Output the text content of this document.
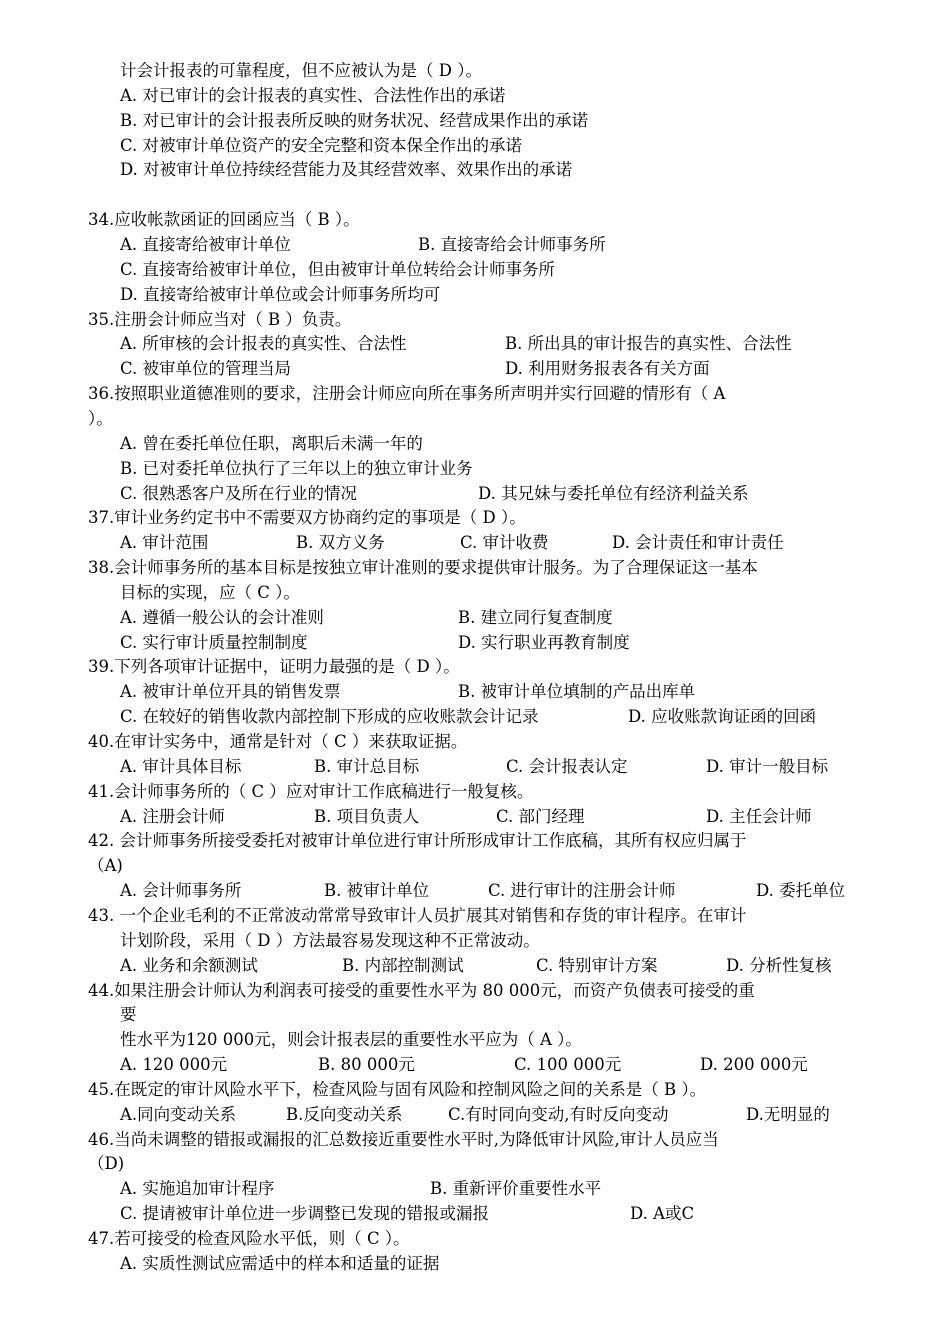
计会计报表的可靠程度，但不应被认为是（ D ）。
A. 对已审计的会计报表的真实性、合法性作出的承诺
B. 对已审计的会计报表所反映的财务状况、经营成果作出的承诺
C. 对被审计单位资产的安全完整和资本保全作出的承诺
D. 对被审计单位持续经营能力及其经营效率、效果作出的承诺
34.应收帐款函证的回函应当（ B ）。
A. 直接寄给被审计单位	B. 直接寄给会计师事务所
C. 直接寄给被审计单位，但由被审计单位转给会计师事务所
D. 直接寄给被审计单位或会计师事务所均可
35.注册会计师应当对（ B ）负责。
A. 所审核的会计报表的真实性、合法性	B. 所出具的审计报告的真实性、合法性
C. 被审单位的管理当局	D. 利用财务报表各有关方面
36.按照职业道德准则的要求，注册会计师应向所在事务所声明并实行回避的情形有（ A
）。
A. 曾在委托单位任职，离职后未满一年的
B. 已对委托单位执行了三年以上的独立审计业务
C. 很熟悉客户及所在行业的情况	D. 其兄妹与委托单位有经济利益关系
37.审计业务约定书中不需要双方协商约定的事项是（ D ）。
A. 审计范围	B. 双方义务	C. 审计收费	D. 会计责任和审计责任
38.会计师事务所的基本目标是按独立审计准则的要求提供审计服务。为了合理保证这一基本
目标的实现，应（ C ）。
A. 遵循一般公认的会计准则	B. 建立同行复查制度
C. 实行审计质量控制制度	D. 实行职业再教育制度
39.下列各项审计证据中，证明力最强的是（ D ）。
A. 被审计单位开具的销售发票	B. 被审计单位填制的产品出库单
C. 在较好的销售收款内部控制下形成的应收账款会计记录	D. 应收账款询证函的回函
40.在审计实务中，通常是针对（ C ）来获取证据。
A. 审计具体目标	B. 审计总目标	C. 会计报表认定	D. 审计一般目标
41.会计师事务所的（ C ）应对审计工作底稿进行一般复核。
A. 注册会计师	B. 项目负责人	C. 部门经理	D. 主任会计师
42. 会计师事务所接受委托对被审计单位进行审计所形成审计工作底稿，其所有权应归属于
（A)
A. 会计师事务所	B. 被审计单位	C. 进行审计的注册会计师	D. 委托单位
43. 一个企业毛利的不正常波动常常导致审计人员扩展其对销售和存货的审计程序。在审计
计划阶段，采用（ D ）方法最容易发现这种不正常波动。
A. 业务和余额测试	B. 内部控制测试	C. 特别审计方案	D. 分析性复核
44.如果注册会计师认为利润表可接受的重要性水平为 80 000元，而资产负债表可接受的重
要
性水平为120 000元，则会计报表层的重要性水平应为（ A ）。
A. 120 000元	B. 80 000元	C. 100 000元	D. 200 000元
45.在既定的审计风险水平下，检查风险与固有风险和控制风险之间的关系是（ B ）。
A.同向变动关系	B.反向变动关系	C.有时同向变动,有时反向变动	D.无明显的
46.当尚未调整的错报或漏报的汇总数接近重要性水平时,为降低审计风险,审计人员应当
（D)
A. 实施追加审计程序	B. 重新评价重要性水平
C. 提请被审计单位进一步调整已发现的错报或漏报	D. A或C
47.若可接受的检查风险水平低，则（ C ）。
A. 实质性测试应需适中的样本和适量的证据
